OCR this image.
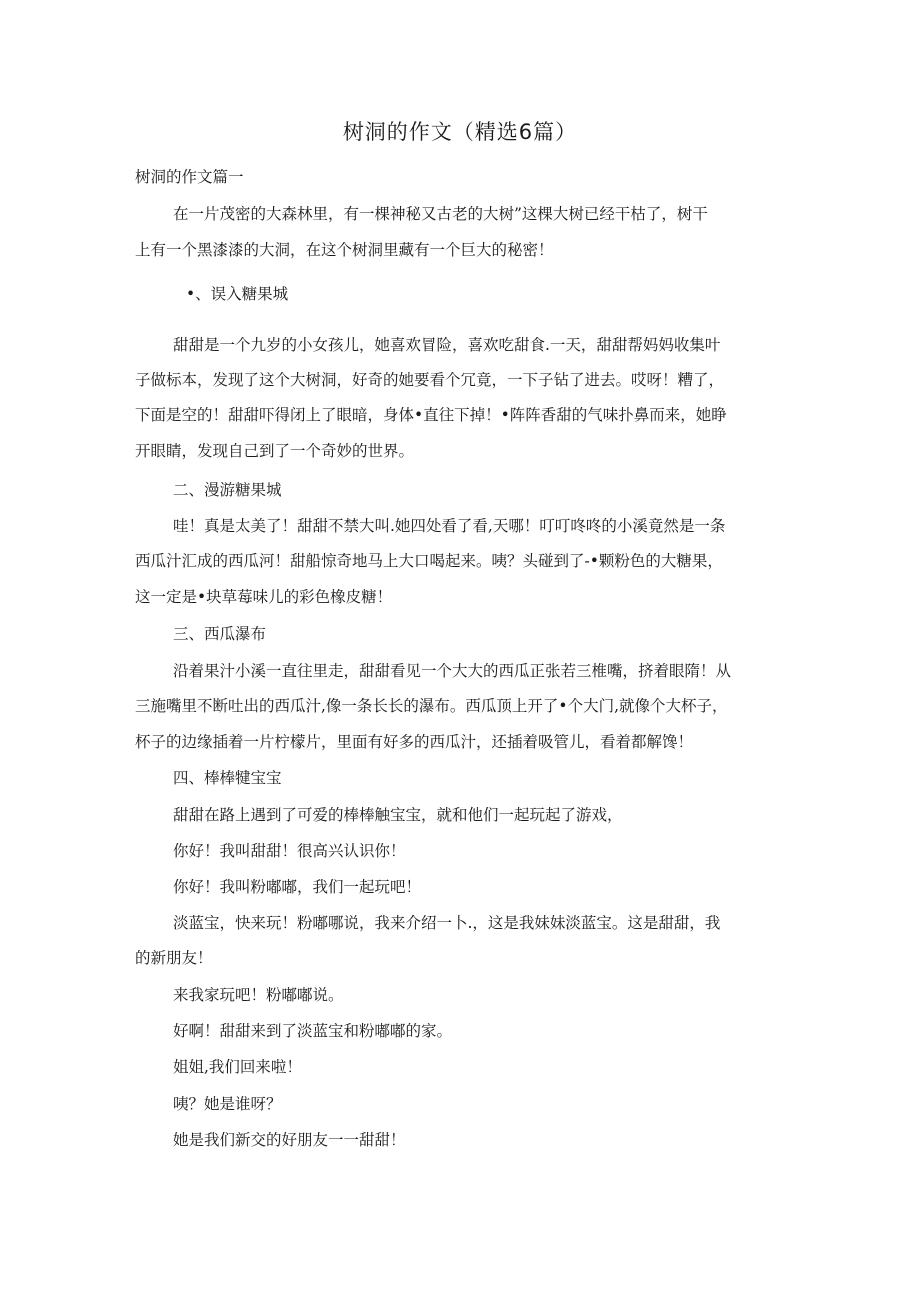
树洞的作文（精选6篇）
树洞的作文篇一
在一片茂密的大森林里，有一棵神秘又古老的大树”这棵大树已经干枯了，树干
上有一个黑漆漆的大洞，在这个树洞里藏有一个巨大的秘密！
•、误入糖果城
甜甜是一个九岁的小女孩儿，她喜欢冒险，喜欢吃甜食.一天，甜甜帮妈妈收集叶
子做标本，发现了这个大树洞，好奇的她要看个冗竟，一下子钻了进去。哎呀！糟了，
下面是空的！甜甜吓得闭上了眼暗，身体•直往下掉！•阵阵香甜的气味扑鼻而来，她睁
开眼睛，发现自己到了一个奇妙的世界。
二、漫游糖果城
哇！真是太美了！甜甜不禁大叫.她四处看了看,天哪！叮叮咚咚的小溪竟然是一条
西瓜汁汇成的西瓜河！甜船惊奇地马上大口喝起来。咦？头碰到了-•颗粉色的大糖果，
这一定是•块草莓味儿的彩色橡皮糖！
三、西瓜瀑布
沿着果汁小溪一直往里走，甜甜看见一个大大的西瓜正张若三椎嘴，挤着眼隋！从
三施嘴里不断吐出的西瓜汁,像一条长长的瀑布。西瓜顶上开了•个大门,就像个大杯子，
杯子的边缘插着一片柠檬片，里面有好多的西瓜汁，还插着吸管儿，看着都解馋！
四、棒棒犍宝宝
甜甜在路上遇到了可爱的棒棒触宝宝，就和他们一起玩起了游戏，
你好！我叫甜甜！很高兴认识你！
你好！我叫粉嘟嘟，我们一起玩吧！
淡蓝宝，快来玩！粉嘟哪说，我来介绍一卜.，这是我妹妹淡蓝宝。这是甜甜，我
的新朋友！
来我家玩吧！粉嘟嘟说。
好啊！甜甜来到了淡蓝宝和粉嘟嘟的家。
姐姐,我们回来啦！
咦？她是谁呀？
她是我们新交的好朋友一一甜甜！
